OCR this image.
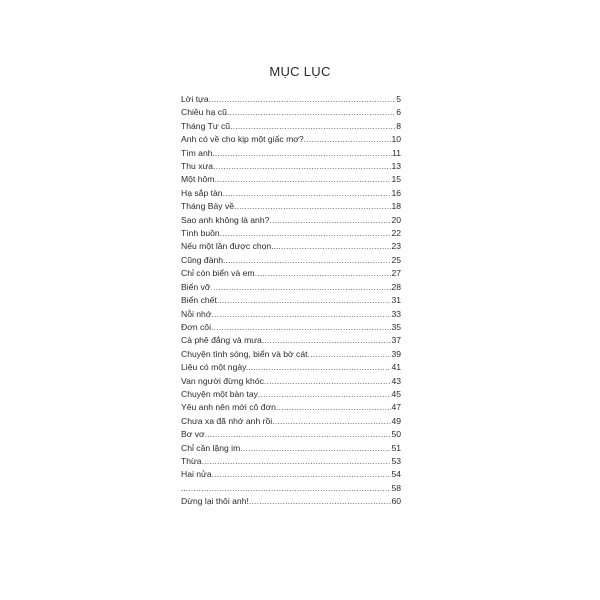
MỤC LỤC
Lời tựa .....	5
Chiều hạ cũ .....	6
Tháng Tư cũ .....	8
Anh có về cho kịp một giấc mơ? .....	10
Tìm anh... .....	11
Thu xưa .....	13
Một hôm .....	15
Hạ sắp tàn .....	16
Tháng Bảy về .....	18
Sao anh không là anh? .....	20
Tình buồn .....	22
Nếu một lần được chọn... .....	23
Cũng đành... .....	25
Chỉ còn biển và em .....	27
Biển vỡ .....	28
Biển chết .....	31
Nỗi nhớ .....	33
Đơn côi .....	35
Cà phê đắng và mưa .....	37
Chuyện tình sóng, biển và bờ cát .....	39
Liệu có một ngày... .....	41
Van người đừng khóc .....	43
Chuyện một bàn tay .....	45
Yêu anh nên mới cô đơn .....	47
Chưa xa đã nhớ anh rồi .....	49
Bơ vơ .....	50
Chỉ cần lặng im .....	51
Thừa .....	53
Hai nửa .....	54
... .....	58
Dừng lại thôi anh! .....	60
